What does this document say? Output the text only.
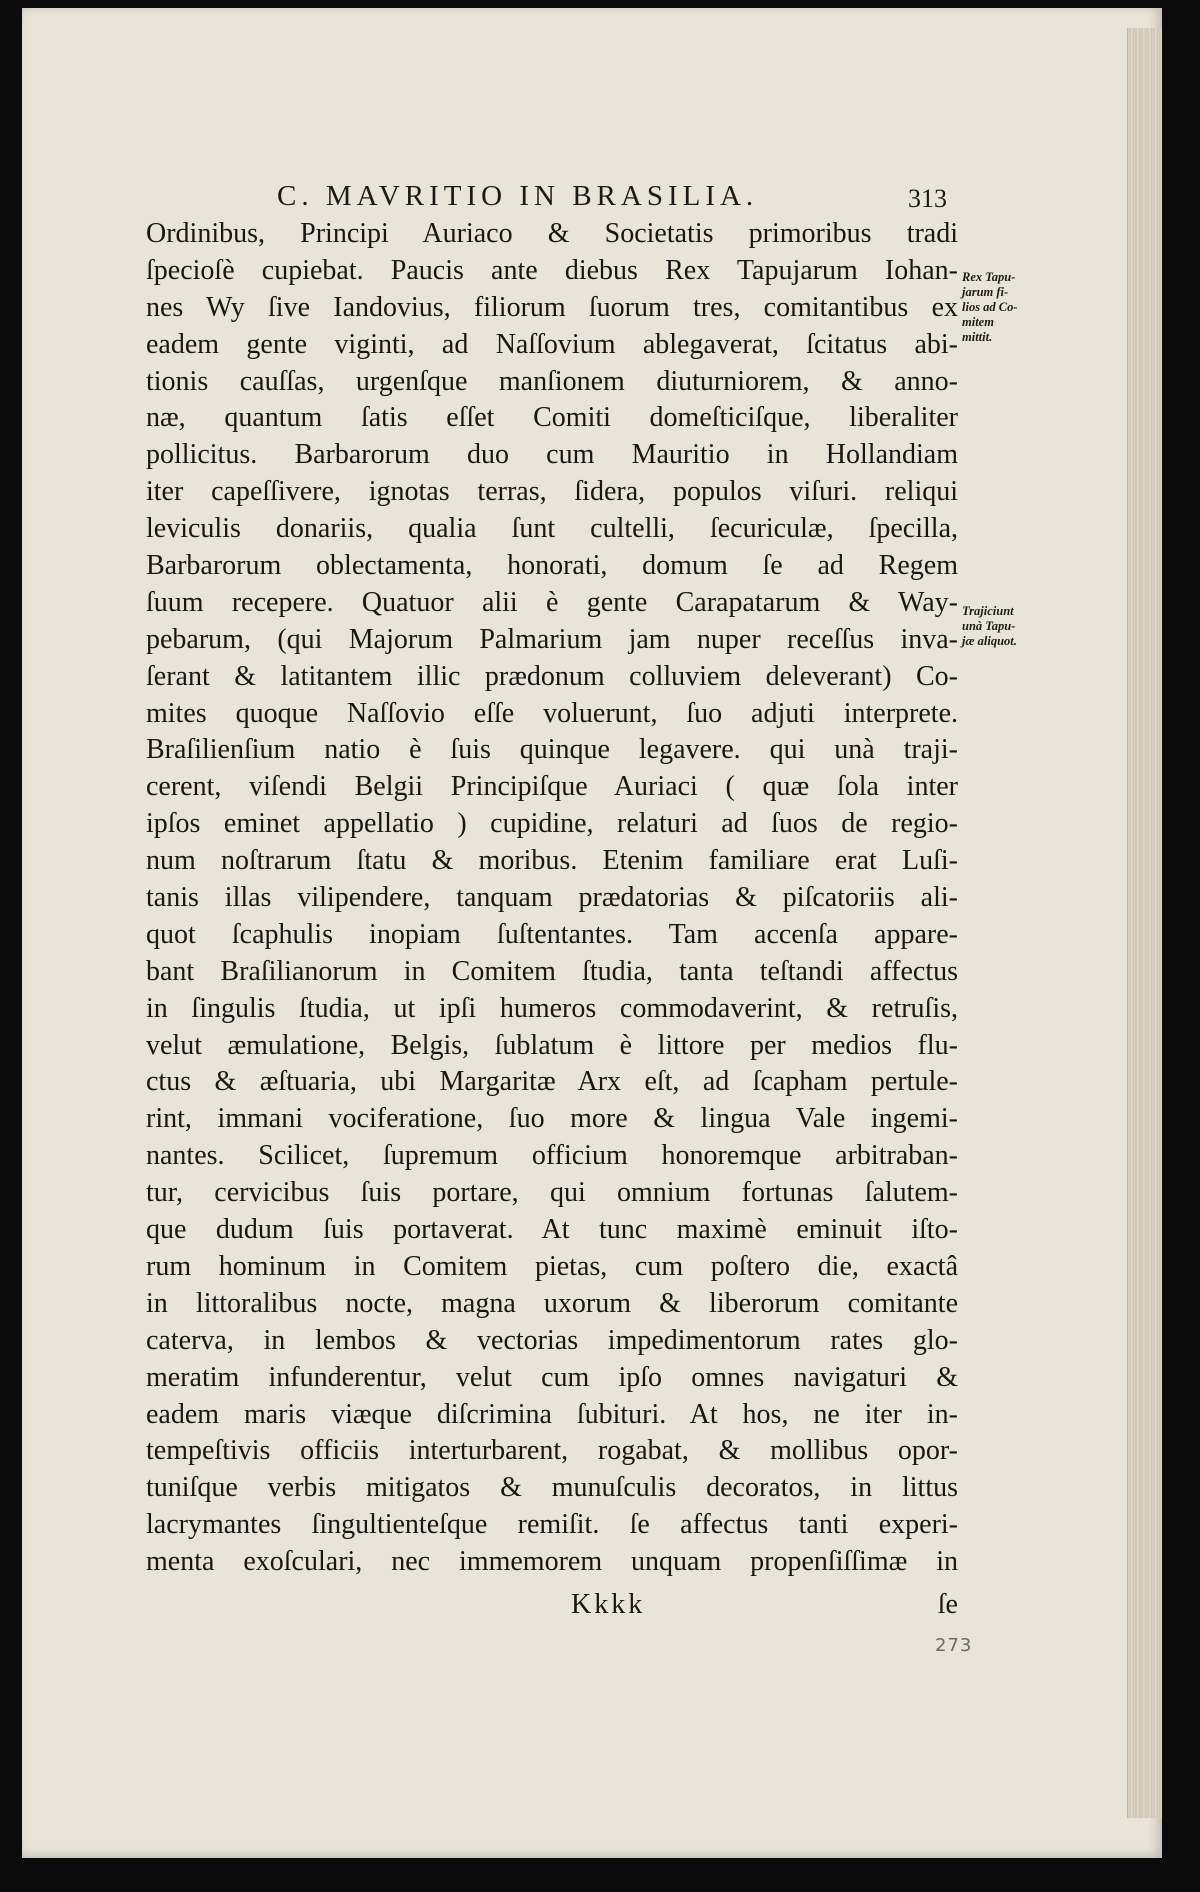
C. MAVRITIO IN BRASILIA.	313
Rex Tapu-
jarum fi-
lios ad Co-
mitem
mittit.
Trajiciunt
unà Tapu-
jæ aliquot.
Ordinibus, Principi Auriaco & Societatis primoribus tradi
ſpecioſè cupiebat. Paucis ante diebus Rex Tapujarum Iohan-
nes Wy ſive Iandovius, filiorum ſuorum tres, comitantibus ex
eadem gente viginti, ad Naſſovium ablegaverat, ſcitatus abi-
tionis cauſſas, urgenſque manſionem diuturniorem, & anno-
næ, quantum ſatis eſſet Comiti domeſticiſque, liberaliter
pollicitus. Barbarorum duo cum Mauritio in Hollandiam
iter capeſſivere, ignotas terras, ſidera, populos viſuri. reliqui
leviculis donariis, qualia ſunt cultelli, ſecuriculæ, ſpecilla,
Barbarorum oblectamenta, honorati, domum ſe ad Regem
ſuum recepere. Quatuor alii è gente Carapatarum & Way-
pebarum, (qui Majorum Palmarium jam nuper receſſus inva-
ſerant & latitantem illic prædonum colluviem deleverant) Co-
mites quoque Naſſovio eſſe voluerunt, ſuo adjuti interprete.
Braſilienſium natio è ſuis quinque legavere. qui unà traji-
cerent, viſendi Belgii Principiſque Auriaci ( quæ ſola inter
ipſos eminet appellatio ) cupidine, relaturi ad ſuos de regio-
num noſtrarum ſtatu & moribus. Etenim familiare erat Luſi-
tanis illas vilipendere, tanquam prædatorias & piſcatoriis ali-
quot ſcaphulis inopiam ſuſtentantes. Tam accenſa appare-
bant Braſilianorum in Comitem ſtudia, tanta teſtandi affectus
in ſingulis ſtudia, ut ipſi humeros commodaverint, & retruſis,
velut æmulatione, Belgis, ſublatum è littore per medios flu-
ctus & æſtuaria, ubi Margaritæ Arx eſt, ad ſcapham pertule-
rint, immani vociferatione, ſuo more & lingua Vale ingemi-
nantes. Scilicet, ſupremum officium honoremque arbitraban-
tur, cervicibus ſuis portare, qui omnium fortunas ſalutem-
que dudum ſuis portaverat. At tunc maximè eminuit iſto-
rum hominum in Comitem pietas, cum poſtero die, exactâ
in littoralibus nocte, magna uxorum & liberorum comitante
caterva, in lembos & vectorias impedimentorum rates glo-
meratim infunderentur, velut cum ipſo omnes navigaturi &
eadem maris viæque diſcrimina ſubituri. At hos, ne iter in-
tempeſtivis officiis interturbarent, rogabat, & mollibus opor-
tuniſque verbis mitigatos & munuſculis decoratos, in littus
lacrymantes ſingultienteſque remiſit. ſe affectus tanti experi-
menta exoſculari, nec immemorem unquam propenſiſſimæ in
Kkkk	ſe
273
